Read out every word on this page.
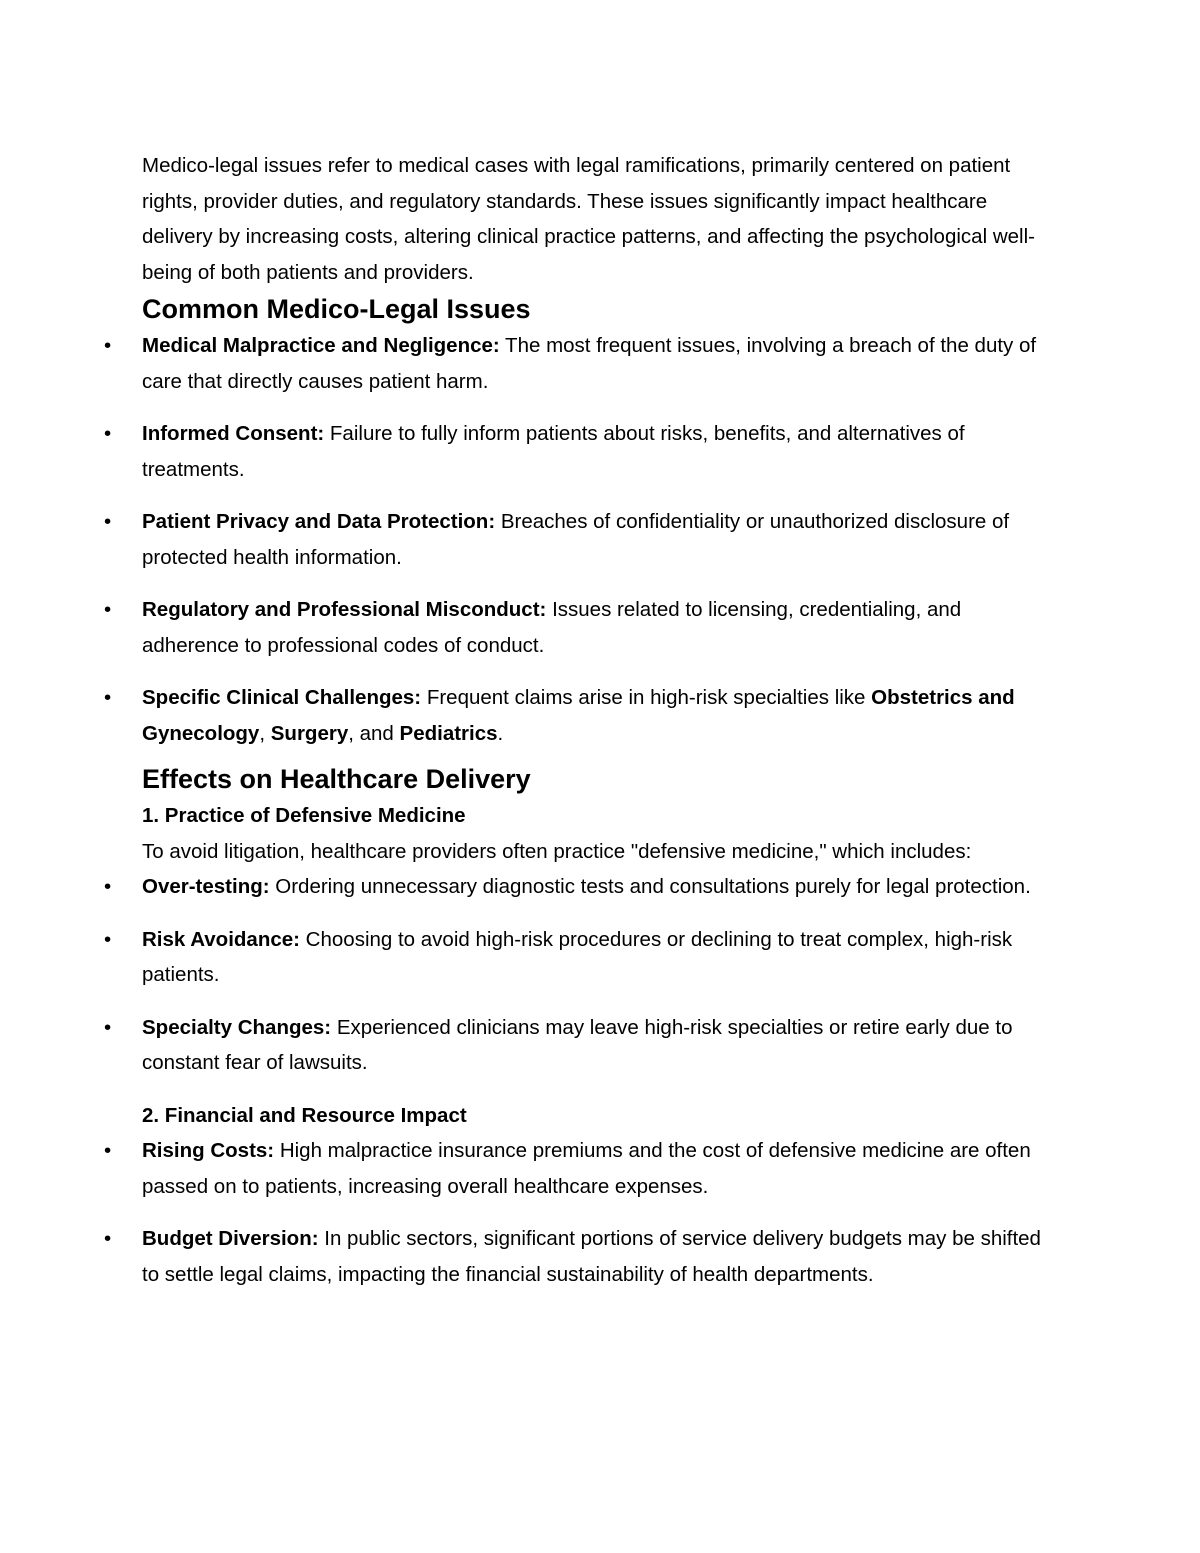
Medico-legal issues refer to medical cases with legal ramifications, primarily centered on patient rights, provider duties, and regulatory standards. These issues significantly impact healthcare delivery by increasing costs, altering clinical practice patterns, and affecting the psychological well-being of both patients and providers.

Common Medico-Legal Issues
• Medical Malpractice and Negligence: The most frequent issues, involving a breach of the duty of care that directly causes patient harm.
• Informed Consent: Failure to fully inform patients about risks, benefits, and alternatives of treatments.
• Patient Privacy and Data Protection: Breaches of confidentiality or unauthorized disclosure of protected health information.
• Regulatory and Professional Misconduct: Issues related to licensing, credentialing, and adherence to professional codes of conduct.
• Specific Clinical Challenges: Frequent claims arise in high-risk specialties like Obstetrics and Gynecology, Surgery, and Pediatrics.
Effects on Healthcare Delivery
1. Practice of Defensive Medicine

To avoid litigation, healthcare providers often practice "defensive medicine," which includes:

• Over-testing: Ordering unnecessary diagnostic tests and consultations purely for legal protection.
• Risk Avoidance: Choosing to avoid high-risk procedures or declining to treat complex, high-risk patients.
• Specialty Changes: Experienced clinicians may leave high-risk specialties or retire early due to constant fear of lawsuits.
2. Financial and Resource Impact
• Rising Costs: High malpractice insurance premiums and the cost of defensive medicine are often passed on to patients, increasing overall healthcare expenses.
• Budget Diversion: In public sectors, significant portions of service delivery budgets may be shifted to settle legal claims, impacting the financial sustainability of health departments.
